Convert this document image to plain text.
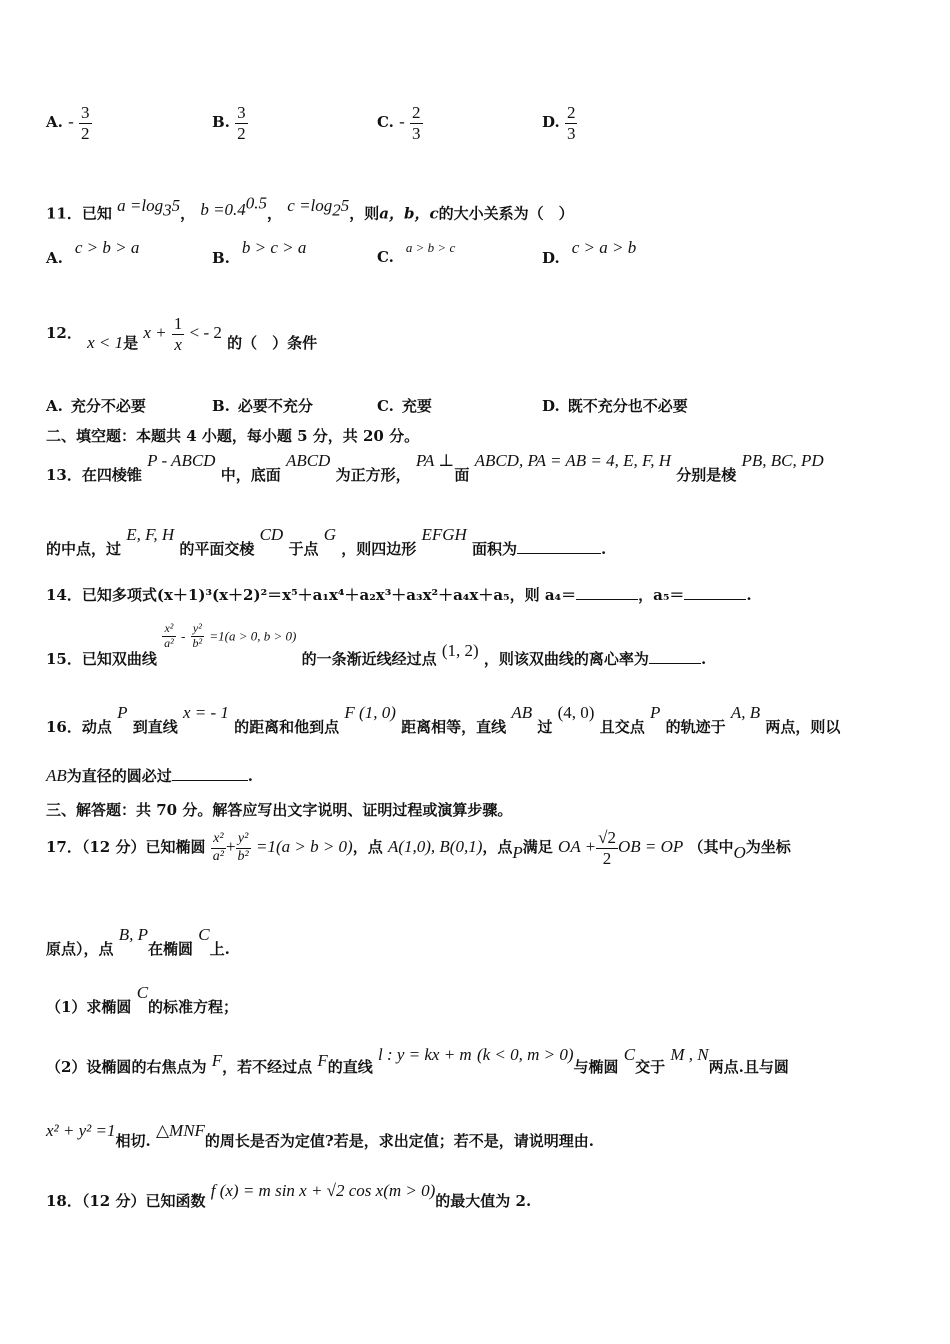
A. - $\frac{3}{2}$	B. $\frac{3}{2}$	C. - $\frac{2}{3}$	D. $\frac{2}{3}$
11．已知 $a =\log_35$， $b =0.4^{0.5}$， $c =\log_25$，则a，b，c的大小关系为（　）
A.c > b > a
B.b > c > a	C.a > b > c
D.c > a > b
12． x < 1是 $x + \frac{1}{x}$ < - 2 的（　）条件
A. 充分不必要	B. 必要不充分	C. 充要	D. 既不充分也不必要
二、填空题：本题共 4 小题，每小题 5 分，共 20 分。
13．在四棱锥 P - ABCD 中，底面 ABCD 为正方形， PA ⊥面 ABCD, PA = AB = 4, E, F, H 分别是棱 PB, BC, PD
的中点，过 E, F, H 的平面交棱 CD 于点 G ，则四边形 EFGH 面积为	.
14．已知多项式(x＋1)³(x＋2)²＝x⁵＋a₁x⁴＋a₂x³＋a₃x²＋a₄x＋a₅，则 a₄＝	，a₅＝	.
15．已知双曲线
$\frac{\text{x²}}{\text{a²}} - \frac{\text{y²}}{\text{b²}} =1(a > 0$, b > 0) 的一条渐近线经过点 (1, 2) ，则该双曲线的离心率为	.
16．动点 P 到直线 x = - 1 的距离和他到点 F (1, 0) 距离相等，直线 AB 过 (4, 0) 且交点 P 的轨迹于 A, B 两点，则以
AB为直径的圆必过	.
三、解答题：共 70 分。解答应写出文字说明、证明过程或演算步骤。
17．（12 分）已知椭圆 $\frac{\text{x²}}{\text{a²}} + \frac{\text{y²}}{\text{b²}} =1(a > b > 0)$，点 A(1,0), B(0,1)，点P满足 OA + $\frac{√2}{2}$ OB = OP （其中O为坐标
原点），点 B, P在椭圆 C上.
（1）求椭圆 C的标准方程；
（2）设椭圆的右焦点为 F，若不经过点 F的直线 l : y = kx + m (k < 0, m > 0)与椭圆 C交于 M , N两点.且与圆
x² + y² =1相切. △MNF的周长是否为定值?若是，求出定值；若不是，请说明理由.
18．（12 分）已知函数 f (x) = m sin x + √2 cos x(m > 0)的最大值为 2.
